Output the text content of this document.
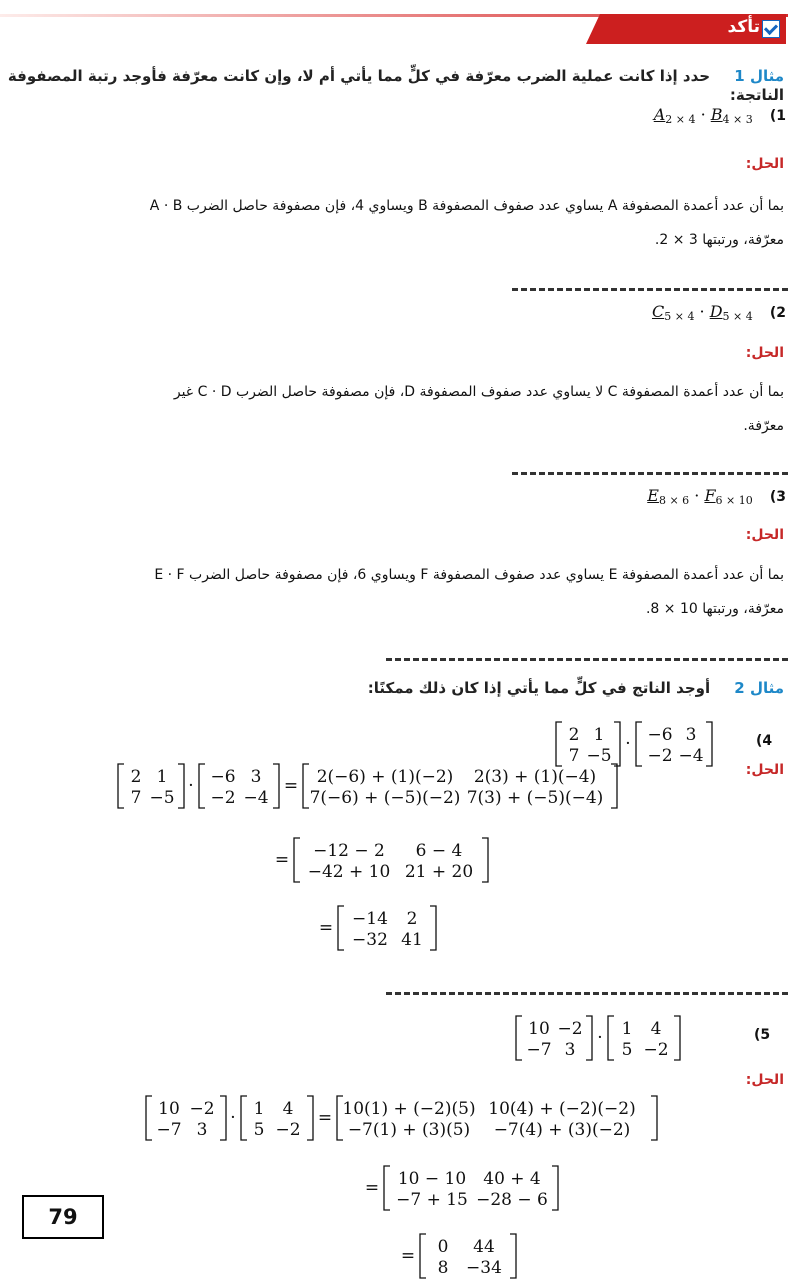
تأكد
مثال 1  حدد إذا كانت عملية الضرب معرّفة في كلٍّ مما يأتي أم لا، وإن كانت معرّفة فأوجد رتبة المصفوفة الناتجة:
$A_{2 \times 4} \cdot B_{4 \times 3}$ (1
الحل:
بما أن عدد أعمدة المصفوفة A يساوي عدد صفوف المصفوفة B ويساوي 4، فإن مصفوفة حاصل الضرب A · B
معرّفة، ورتبتها 3 × 2.
$C_{5 \times 4} \cdot D_{5 \times 4}$ (2
الحل:
بما أن عدد أعمدة المصفوفة C لا يساوي عدد صفوف المصفوفة D، فإن مصفوفة حاصل الضرب C · D غير
معرّفة.
$E_{8 \times 6} \cdot F_{6 \times 10}$ (3
الحل:
بما أن عدد أعمدة المصفوفة E يساوي عدد صفوف المصفوفة F ويساوي 6، فإن مصفوفة حاصل الضرب E · F
معرّفة، ورتبتها 10 × 8.
مثال 2  أوجد الناتج في كلٍّ مما يأتي إذا كان ذلك ممكنًا:
(4
2 1
7 −5
· −6 3
−2 −4
2 1
7 −5
· −6 3
−2 −4
= 2(−6) + (1)(−2) 2(3) + (1)(−4)
7(−6) + (−5)(−2) 7(3) + (−5)(−4)
= −12 − 2 6 − 4
−42 + 10 21 + 20
= −14 2
−32 41
10 −2
−7 3
· 1 4
5 −2
10 −2
−7 3
· 1 4
5 −2
= 10(1) + (−2)(5) 10(4) + (−2)(−2)
−7(1) + (3)(5) −7(4) + (3)(−2)
= 10 − 10 40 + 4
−7 + 15 −28 − 6
= 0 44
8 −34
الحل:
(5
الحل:
79
